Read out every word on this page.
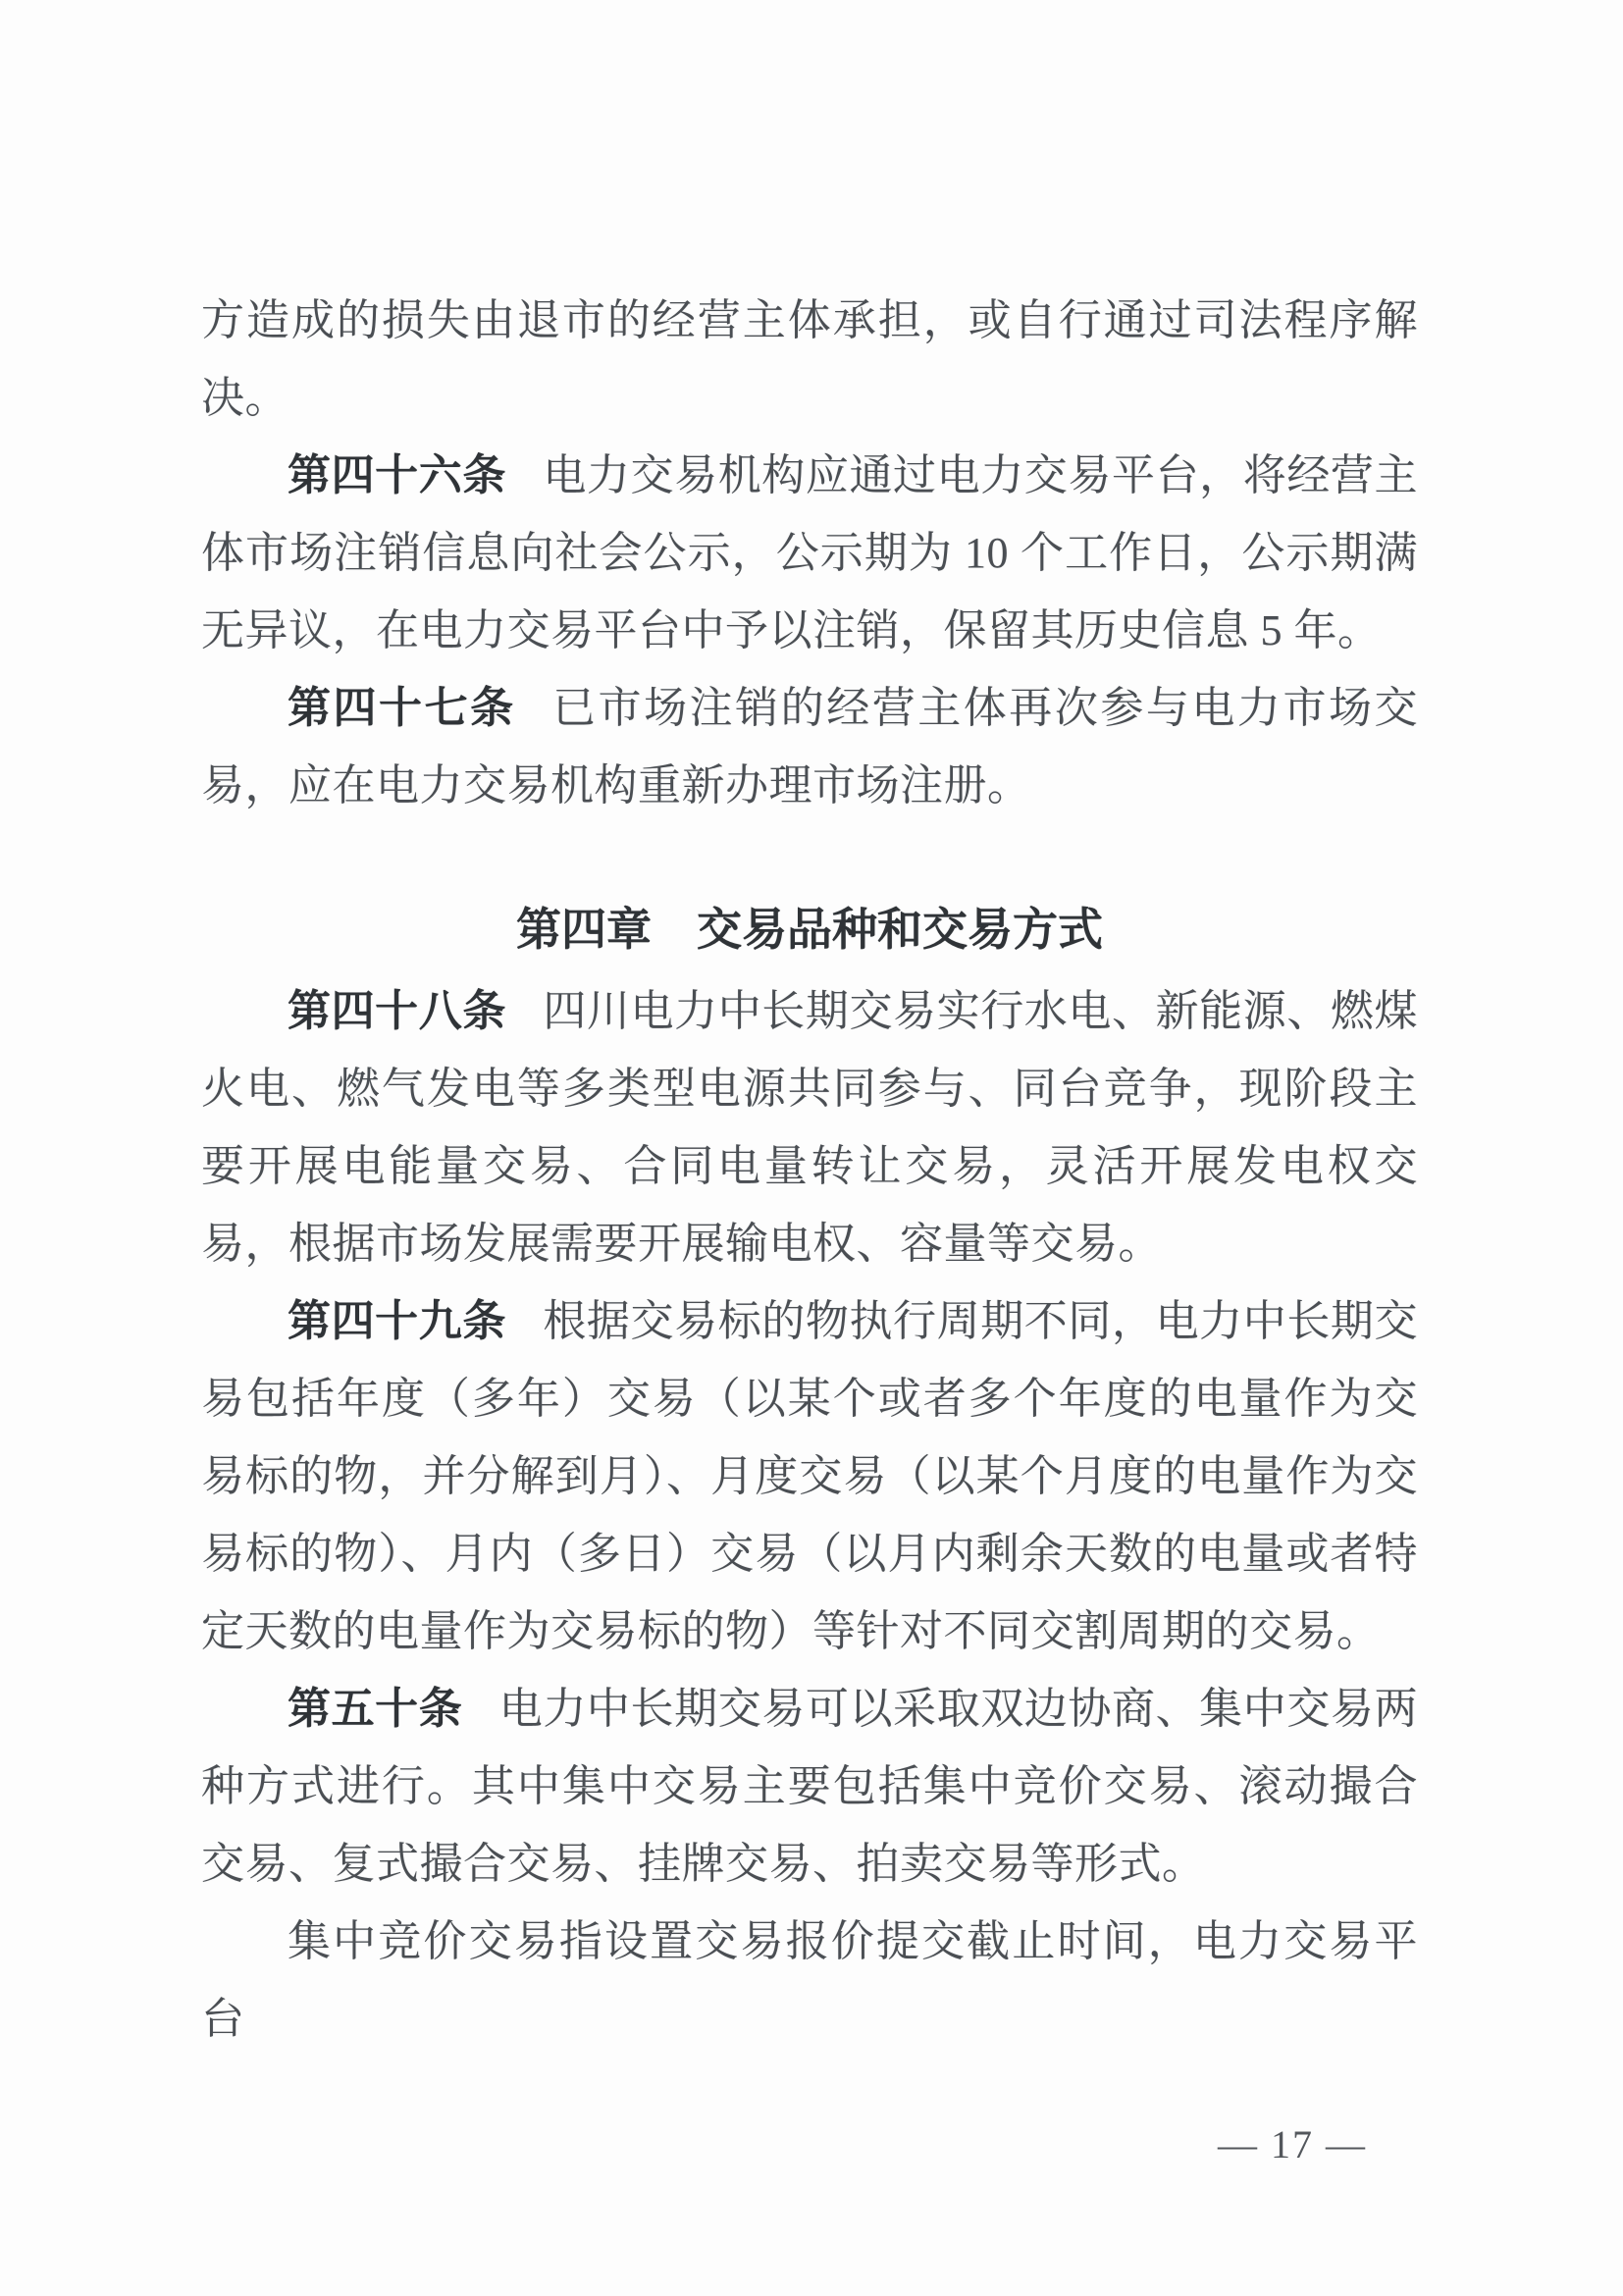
方造成的损失由退市的经营主体承担，或自行通过司法程序解决。

第四十六条 电力交易机构应通过电力交易平台，将经营主体市场注销信息向社会公示，公示期为 10 个工作日，公示期满无异议，在电力交易平台中予以注销，保留其历史信息 5 年。

第四十七条 已市场注销的经营主体再次参与电力市场交易，应在电力交易机构重新办理市场注册。

第四章　交易品种和交易方式

第四十八条 四川电力中长期交易实行水电、新能源、燃煤火电、燃气发电等多类型电源共同参与、同台竞争，现阶段主要开展电能量交易、合同电量转让交易，灵活开展发电权交易，根据市场发展需要开展输电权、容量等交易。

第四十九条 根据交易标的物执行周期不同，电力中长期交易包括年度（多年）交易（以某个或者多个年度的电量作为交易标的物，并分解到月）、月度交易（以某个月度的电量作为交易标的物）、月内（多日）交易（以月内剩余天数的电量或者特定天数的电量作为交易标的物）等针对不同交割周期的交易。

第五十条 电力中长期交易可以采取双边协商、集中交易两种方式进行。其中集中交易主要包括集中竞价交易、滚动撮合交易、复式撮合交易、挂牌交易、拍卖交易等形式。

集中竞价交易指设置交易报价提交截止时间，电力交易平台

— 17 —
